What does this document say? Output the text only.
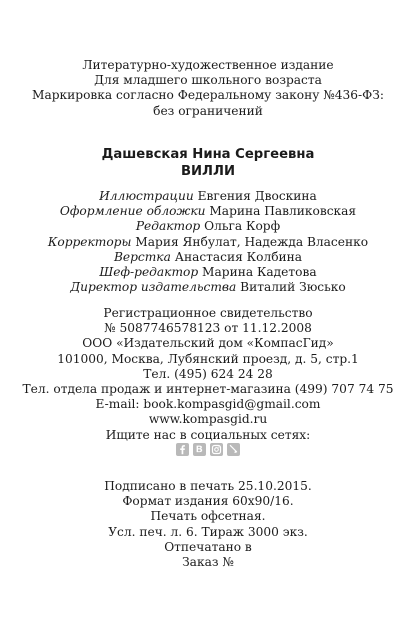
Литературно-художественное издание
Для младшего школьного возраста
Маркировка согласно Федеральному закону №436-ФЗ:
без ограничений
Дашевская Нина Сергеевна
ВИЛЛИ
Иллюстрации Евгения Двоскина
Оформление обложки Марина Павликовская
Редактор Ольга Корф
Корректоры Мария Янбулат, Надежда Власенко
Верстка Анастасия Колбина
Шеф-редактор Марина Кадетова
Директор издательства Виталий Зюсько
Регистрационное свидетельство
№ 5087746578123 от 11.12.2008
ООО «Издательский дом «КомпасГид»
101000, Москва, Лубянский проезд, д. 5, стр.1
Тел. (495) 624 24 28
Тел. отдела продаж и интернет-магазина (499) 707 74 75
E-mail: book.kompasgid@gmail.com
www.kompasgid.ru
Ищите нас в социальных сетях:
Подписано в печать 25.10.2015.
Формат издания 60х90/16.
Печать офсетная.
Усл. печ. л. 6. Тираж 3000 экз.
Отпечатано в
Заказ №
